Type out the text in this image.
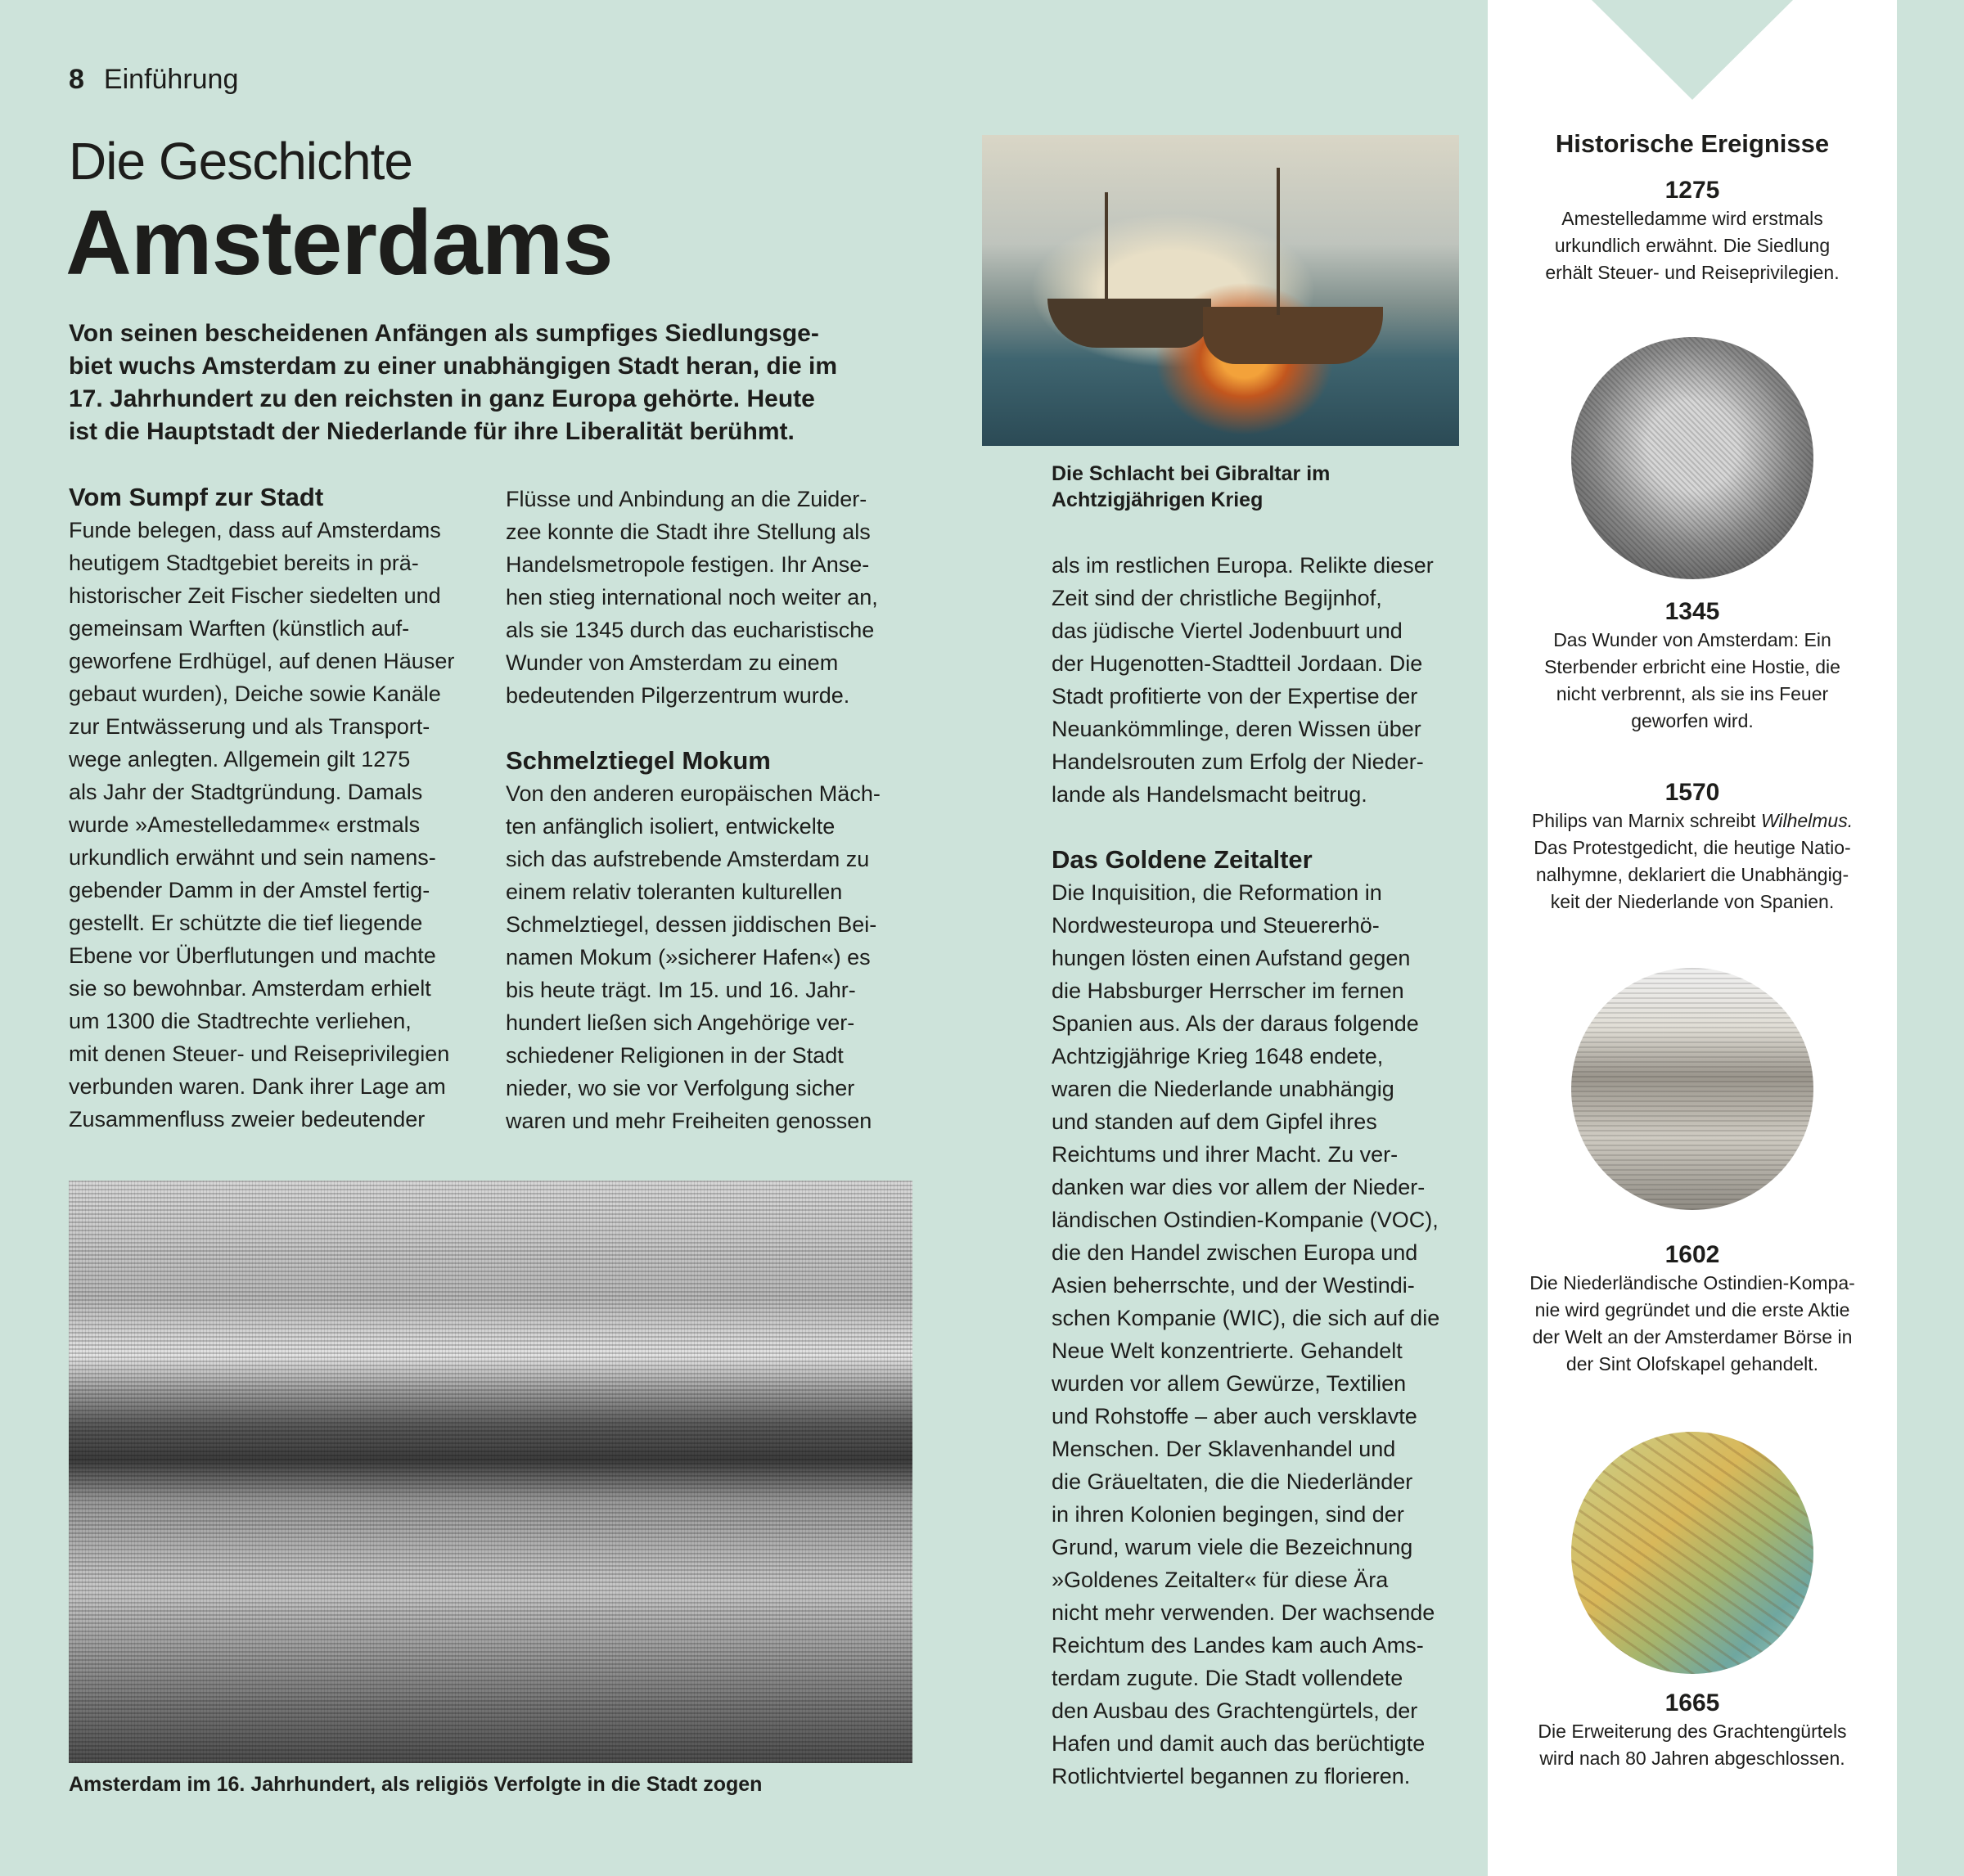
8 Einführung
Die Geschichte
Amsterdams
Von seinen bescheidenen Anfängen als sumpfiges Siedlungsge-
biet wuchs Amsterdam zu einer unabhängigen Stadt heran, die im
17. Jahrhundert zu den reichsten in ganz Europa gehörte. Heute
ist die Hauptstadt der Niederlande für ihre Liberalität berühmt.
Vom Sumpf zur Stadt
Funde belegen, dass auf Amsterdams
heutigem Stadtgebiet bereits in prä-
historischer Zeit Fischer siedelten und
gemeinsam Warften (künstlich auf-
geworfene Erdhügel, auf denen Häuser
gebaut wurden), Deiche sowie Kanäle
zur Entwässerung und als Transport-
wege anlegten. Allgemein gilt 1275
als Jahr der Stadtgründung. Damals
wurde »Amestelledamme« erstmals
urkundlich erwähnt und sein namens-
gebender Damm in der Amstel fertig-
gestellt. Er schützte die tief liegende
Ebene vor Überflutungen und machte
sie so bewohnbar. Amsterdam erhielt
um 1300 die Stadtrechte verliehen,
mit denen Steuer- und Reiseprivilegien
verbunden waren. Dank ihrer Lage am
Zusammenfluss zweier bedeutender
Flüsse und Anbindung an die Zuider-
zee konnte die Stadt ihre Stellung als
Handelsmetropole festigen. Ihr Anse-
hen stieg international noch weiter an,
als sie 1345 durch das eucharistische
Wunder von Amsterdam zu einem
bedeutenden Pilgerzentrum wurde.
Schmelztiegel Mokum
Von den anderen europäischen Mäch-
ten anfänglich isoliert, entwickelte
sich das aufstrebende Amsterdam zu
einem relativ toleranten kulturellen
Schmelztiegel, dessen jiddischen Bei-
namen Mokum (»sicherer Hafen«) es
bis heute trägt. Im 15. und 16. Jahr-
hundert ließen sich Angehörige ver-
schiedener Religionen in der Stadt
nieder, wo sie vor Verfolgung sicher
waren und mehr Freiheiten genossen
als im restlichen Europa. Relikte dieser
Zeit sind der christliche Begijnhof,
das jüdische Viertel Jodenbuurt und
der Hugenotten-Stadtteil Jordaan. Die
Stadt profitierte von der Expertise der
Neuankömmlinge, deren Wissen über
Handelsrouten zum Erfolg der Nieder-
lande als Handelsmacht beitrug.
Das Goldene Zeitalter
Die Inquisition, die Reformation in
Nordwesteuropa und Steuererhö-
hungen lösten einen Aufstand gegen
die Habsburger Herrscher im fernen
Spanien aus. Als der daraus folgende
Achtzigjährige Krieg 1648 endete,
waren die Niederlande unabhängig
und standen auf dem Gipfel ihres
Reichtums und ihrer Macht. Zu ver-
danken war dies vor allem der Nieder-
ländischen Ostindien-Kompanie (VOC),
die den Handel zwischen Europa und
Asien beherrschte, und der Westindi-
schen Kompanie (WIC), die sich auf die
Neue Welt konzentrierte. Gehandelt
wurden vor allem Gewürze, Textilien
und Rohstoffe – aber auch versklavte
Menschen. Der Sklavenhandel und
die Gräueltaten, die die Niederländer
in ihren Kolonien begingen, sind der
Grund, warum viele die Bezeichnung
»Goldenes Zeitalter« für diese Ära
nicht mehr verwenden. Der wachsende
Reichtum des Landes kam auch Ams-
terdam zugute. Die Stadt vollendete
den Ausbau des Grachtengürtels, der
Hafen und damit auch das berüchtigte
Rotlichtviertel begannen zu florieren.
Die Schlacht bei Gibraltar im
Achtzigjährigen Krieg
Amsterdam im 16. Jahrhundert, als religiös Verfolgte in die Stadt zogen
Historische Ereignisse
1275
Amestelledamme wird erstmals
urkundlich erwähnt. Die Siedlung
erhält Steuer- und Reiseprivilegien.
1345
Das Wunder von Amsterdam: Ein
Sterbender erbricht eine Hostie, die
nicht verbrennt, als sie ins Feuer
geworfen wird.
1570
Philips van Marnix schreibt Wilhelmus.
Das Protestgedicht, die heutige Natio-
nalhymne, deklariert die Unabhängig-
keit der Niederlande von Spanien.
1602
Die Niederländische Ostindien-Kompa-
nie wird gegründet und die erste Aktie
der Welt an der Amsterdamer Börse in
der Sint Olofskapel gehandelt.
1665
Die Erweiterung des Grachtengürtels
wird nach 80 Jahren abgeschlossen.
